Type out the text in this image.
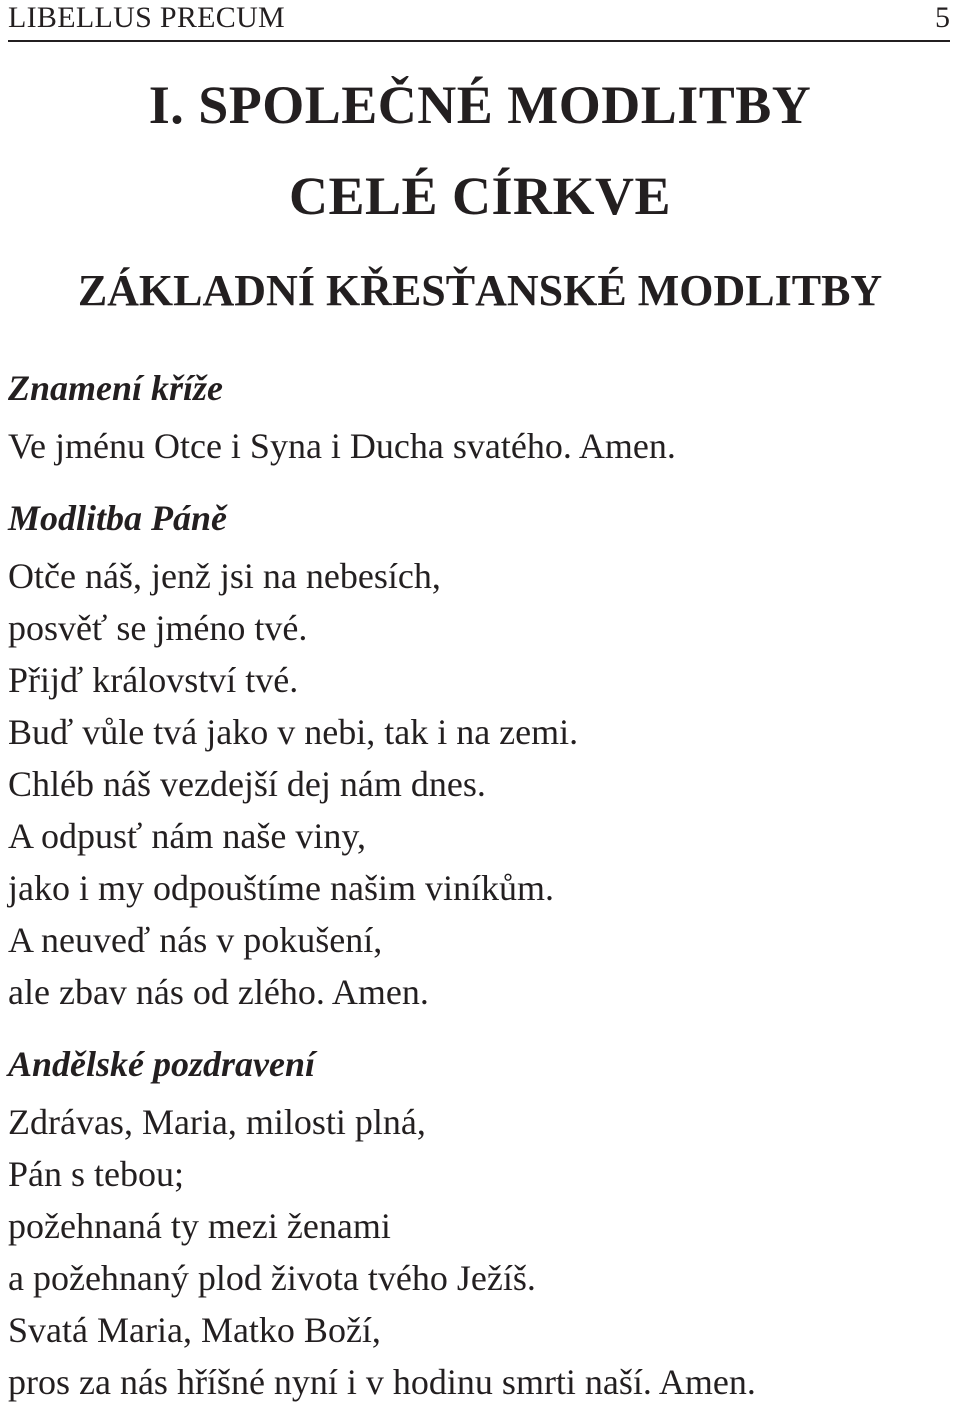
LIBELLUS PRECUM	5
I. SPOLEČNÉ MODLITBY
CELÉ CÍRKVE
ZÁKLADNÍ KŘESŤANSKÉ MODLITBY
Znamení kříže
Ve jménu Otce i Syna i Ducha svatého. Amen.
Modlitba Páně
Otče náš, jenž jsi na nebesích,
posvěť se jméno tvé.
Přijď království tvé.
Buď vůle tvá jako v nebi, tak i na zemi.
Chléb náš vezdejší dej nám dnes.
A odpusť nám naše viny,
jako i my odpouštíme našim viníkům.
A neuveď nás v pokušení,
ale zbav nás od zlého. Amen.
Andělské pozdravení
Zdrávas, Maria, milosti plná,
Pán s tebou;
požehnaná ty mezi ženami
a požehnaný plod života tvého Ježíš.
Svatá Maria, Matko Boží,
pros za nás hříšné nyní i v hodinu smrti naší. Amen.
